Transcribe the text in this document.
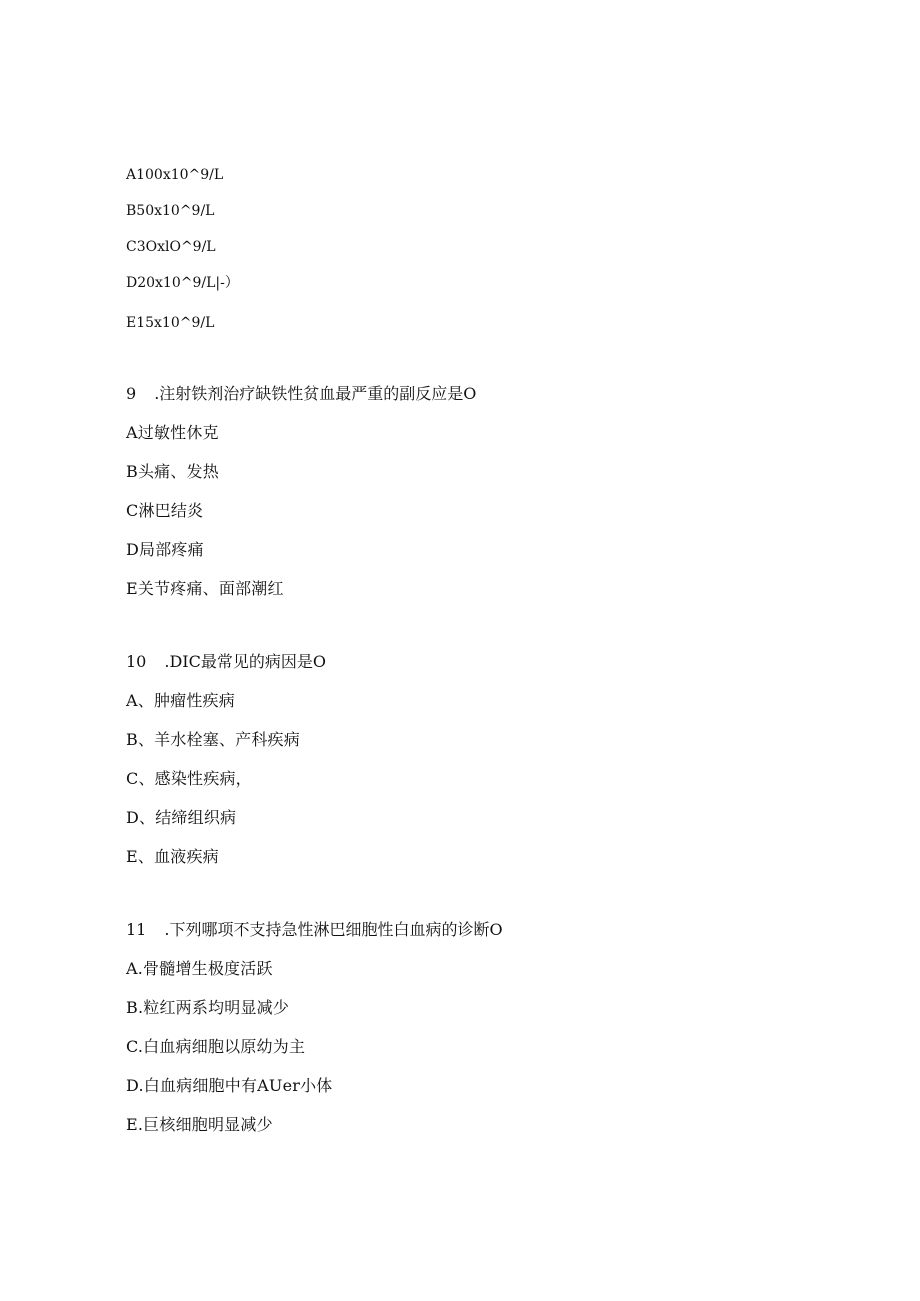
A100x10^9/L
B50x10^9/L
C3OxlO^9/L
D20x10^9/L|-）
E15x10^9/L
9 .注射铁剂治疗缺铁性贫血最严重的副反应是O
A过敏性休克
B头痛、发热
C淋巴结炎
D局部疼痛
E关节疼痛、面部潮红
10 .DIC最常见的病因是O
A、肿瘤性疾病
B、羊水栓塞、产科疾病
C、感染性疾病，
D、结缔组织病
E、血液疾病
11 .下列哪项不支持急性淋巴细胞性白血病的诊断O
A.骨髓增生极度活跃
B.粒红两系均明显减少
C.白血病细胞以原幼为主
D.白血病细胞中有AUer小体
E.巨核细胞明显减少
